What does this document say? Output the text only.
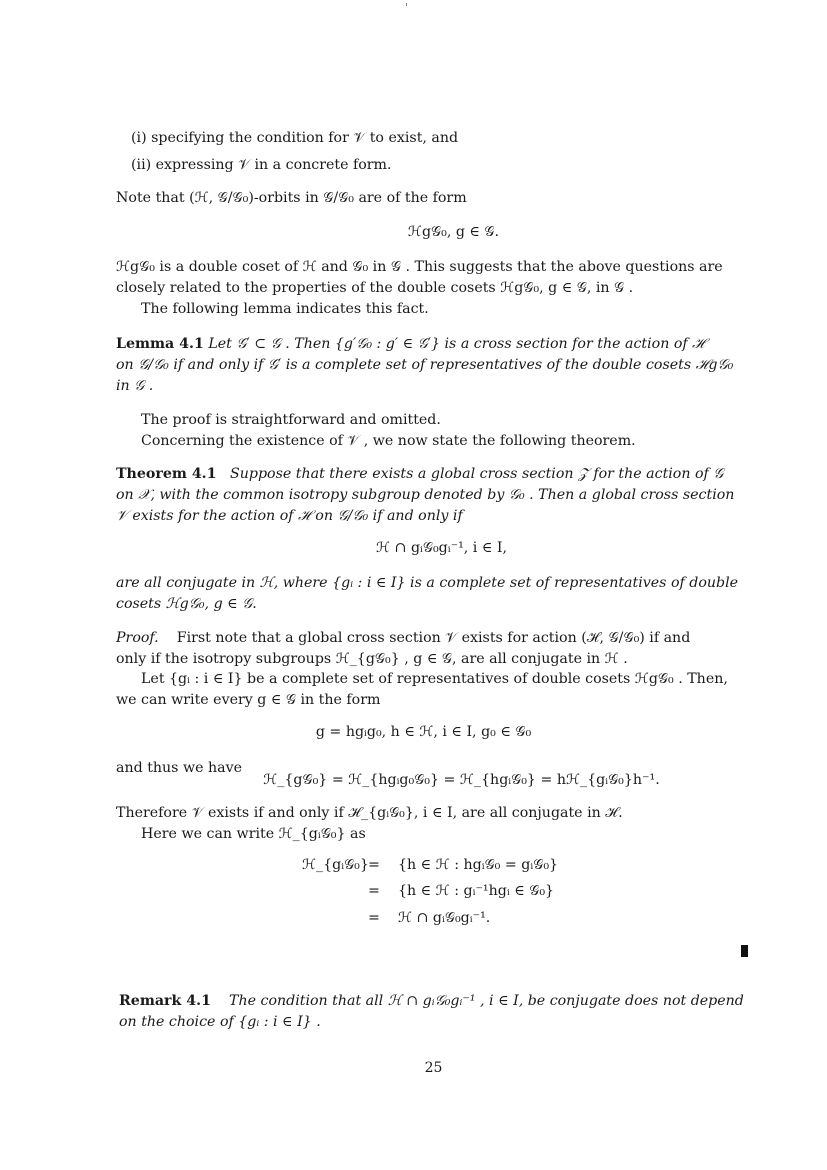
(i) specifying the condition for 𝒱 to exist, and
(ii) expressing 𝒱 in a concrete form.
Note that (ℋ, 𝒢/𝒢₀)-orbits in 𝒢/𝒢₀ are of the form
ℋg𝒢₀, g ∈ 𝒢.
ℋg𝒢₀ is a double coset of ℋ and 𝒢₀ in 𝒢 . This suggests that the above questions are
closely related to the properties of the double cosets ℋg𝒢₀, g ∈ 𝒢, in 𝒢 .
The following lemma indicates this fact.
Lemma 4.1 Let 𝒢′ ⊂ 𝒢 . Then {g′𝒢₀ : g′ ∈ 𝒢′} is a cross section for the action of ℋ
on 𝒢/𝒢₀ if and only if 𝒢′ is a complete set of representatives of the double cosets ℋg𝒢₀
in 𝒢 .
The proof is straightforward and omitted.
Concerning the existence of 𝒱 , we now state the following theorem.
Theorem 4.1 Suppose that there exists a global cross section 𝒵 for the action of 𝒢
on 𝒳, with the common isotropy subgroup denoted by 𝒢₀ . Then a global cross section
𝒱 exists for the action of ℋ on 𝒢/𝒢₀ if and only if
ℋ ∩ gᵢ𝒢₀gᵢ⁻¹, i ∈ I,
are all conjugate in ℋ, where {gᵢ : i ∈ I} is a complete set of representatives of double
cosets ℋg𝒢₀, g ∈ 𝒢.
Proof. First note that a global cross section 𝒱 exists for action (ℋ, 𝒢/𝒢₀) if and
only if the isotropy subgroups ℋ_{g𝒢₀} , g ∈ 𝒢, are all conjugate in ℋ .
Let {gᵢ : i ∈ I} be a complete set of representatives of double cosets ℋg𝒢₀ . Then,
we can write every g ∈ 𝒢 in the form
g = hgᵢg₀, h ∈ ℋ, i ∈ I, g₀ ∈ 𝒢₀
and thus we have
ℋ_{g𝒢₀} = ℋ_{hgᵢg₀𝒢₀} = ℋ_{hgᵢ𝒢₀} = hℋ_{gᵢ𝒢₀}h⁻¹.
Therefore 𝒱 exists if and only if ℋ_{gᵢ𝒢₀}, i ∈ I, are all conjugate in ℋ.
Here we can write ℋ_{gᵢ𝒢₀} as
ℋ_{gᵢ𝒢₀} = {h ∈ ℋ : hgᵢ𝒢₀ = gᵢ𝒢₀}
= {h ∈ ℋ : gᵢ⁻¹hgᵢ ∈ 𝒢₀}
= ℋ ∩ gᵢ𝒢₀gᵢ⁻¹.
Remark 4.1 The condition that all ℋ ∩ gᵢ𝒢₀gᵢ⁻¹ , i ∈ I, be conjugate does not depend
on the choice of {gᵢ : i ∈ I} .
25
